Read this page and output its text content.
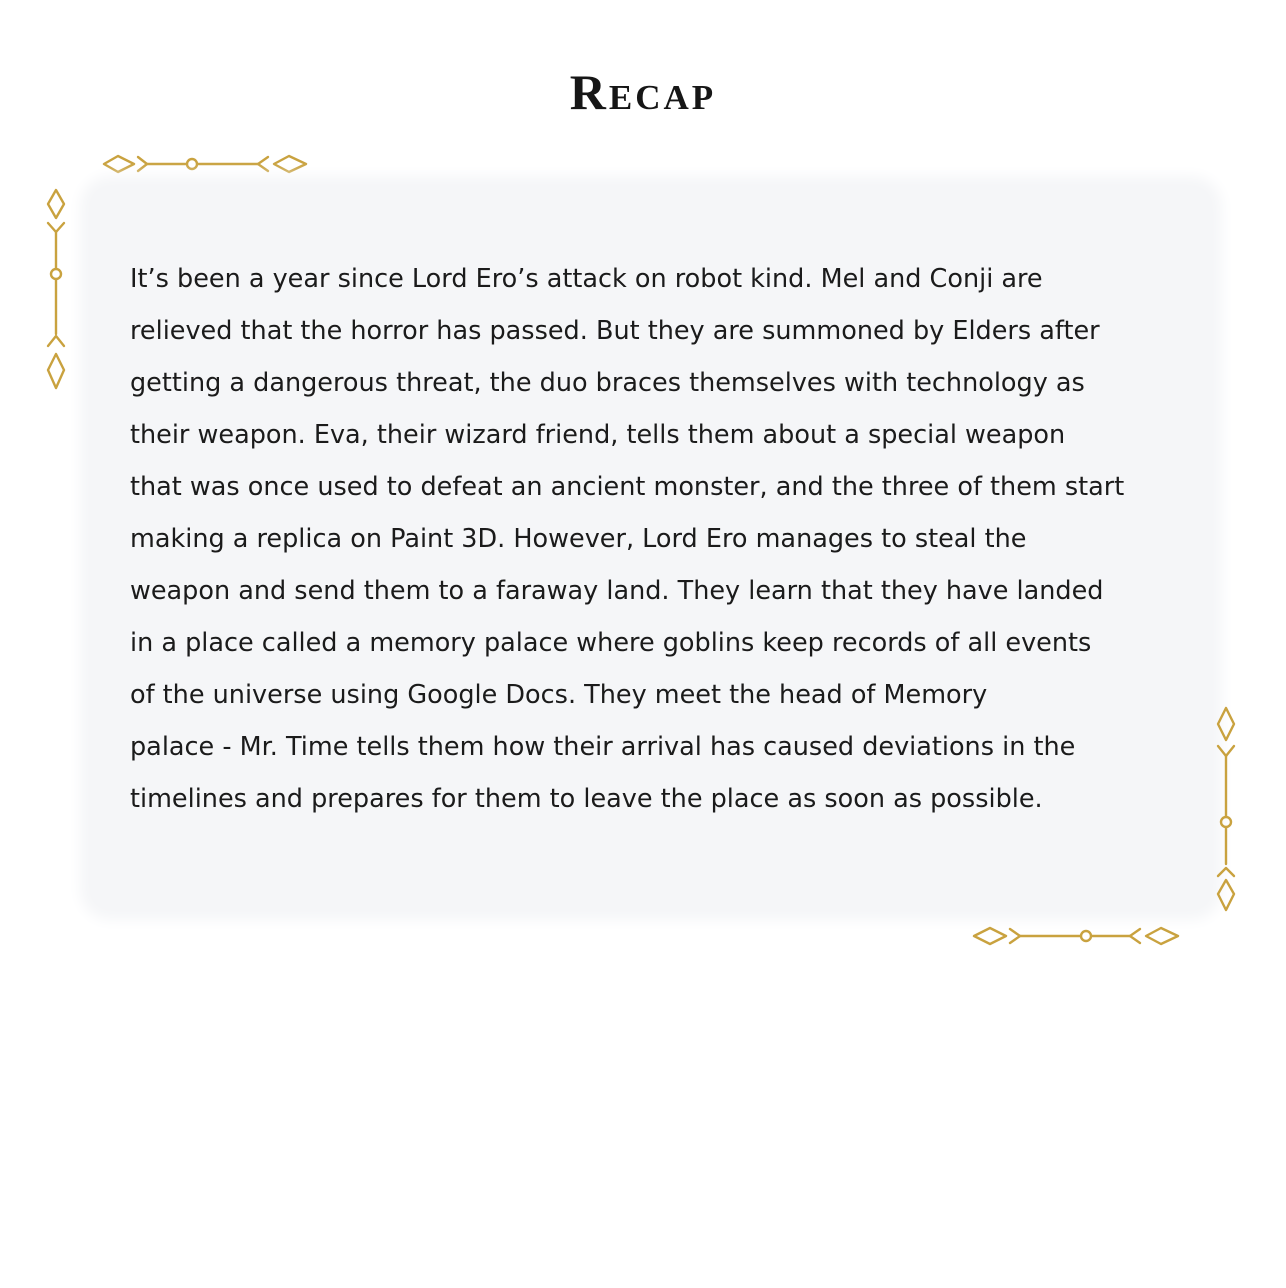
Recap
It’s been a year since Lord Ero’s attack on robot kind. Mel and Conji are
relieved that the horror has passed. But they are summoned by Elders after
getting a dangerous threat, the duo braces themselves with technology as
their weapon. Eva, their wizard friend, tells them about a special weapon
that was once used to defeat an ancient monster, and the three of them start
making a replica on Paint 3D. However, Lord Ero manages to steal the
weapon and send them to a faraway land. They learn that they have landed
in a place called a memory palace where goblins keep records of all events
of the universe using Google Docs. They meet the head of Memory
palace - Mr. Time tells them how their arrival has caused deviations in the
timelines and prepares for them to leave the place as soon as possible.
